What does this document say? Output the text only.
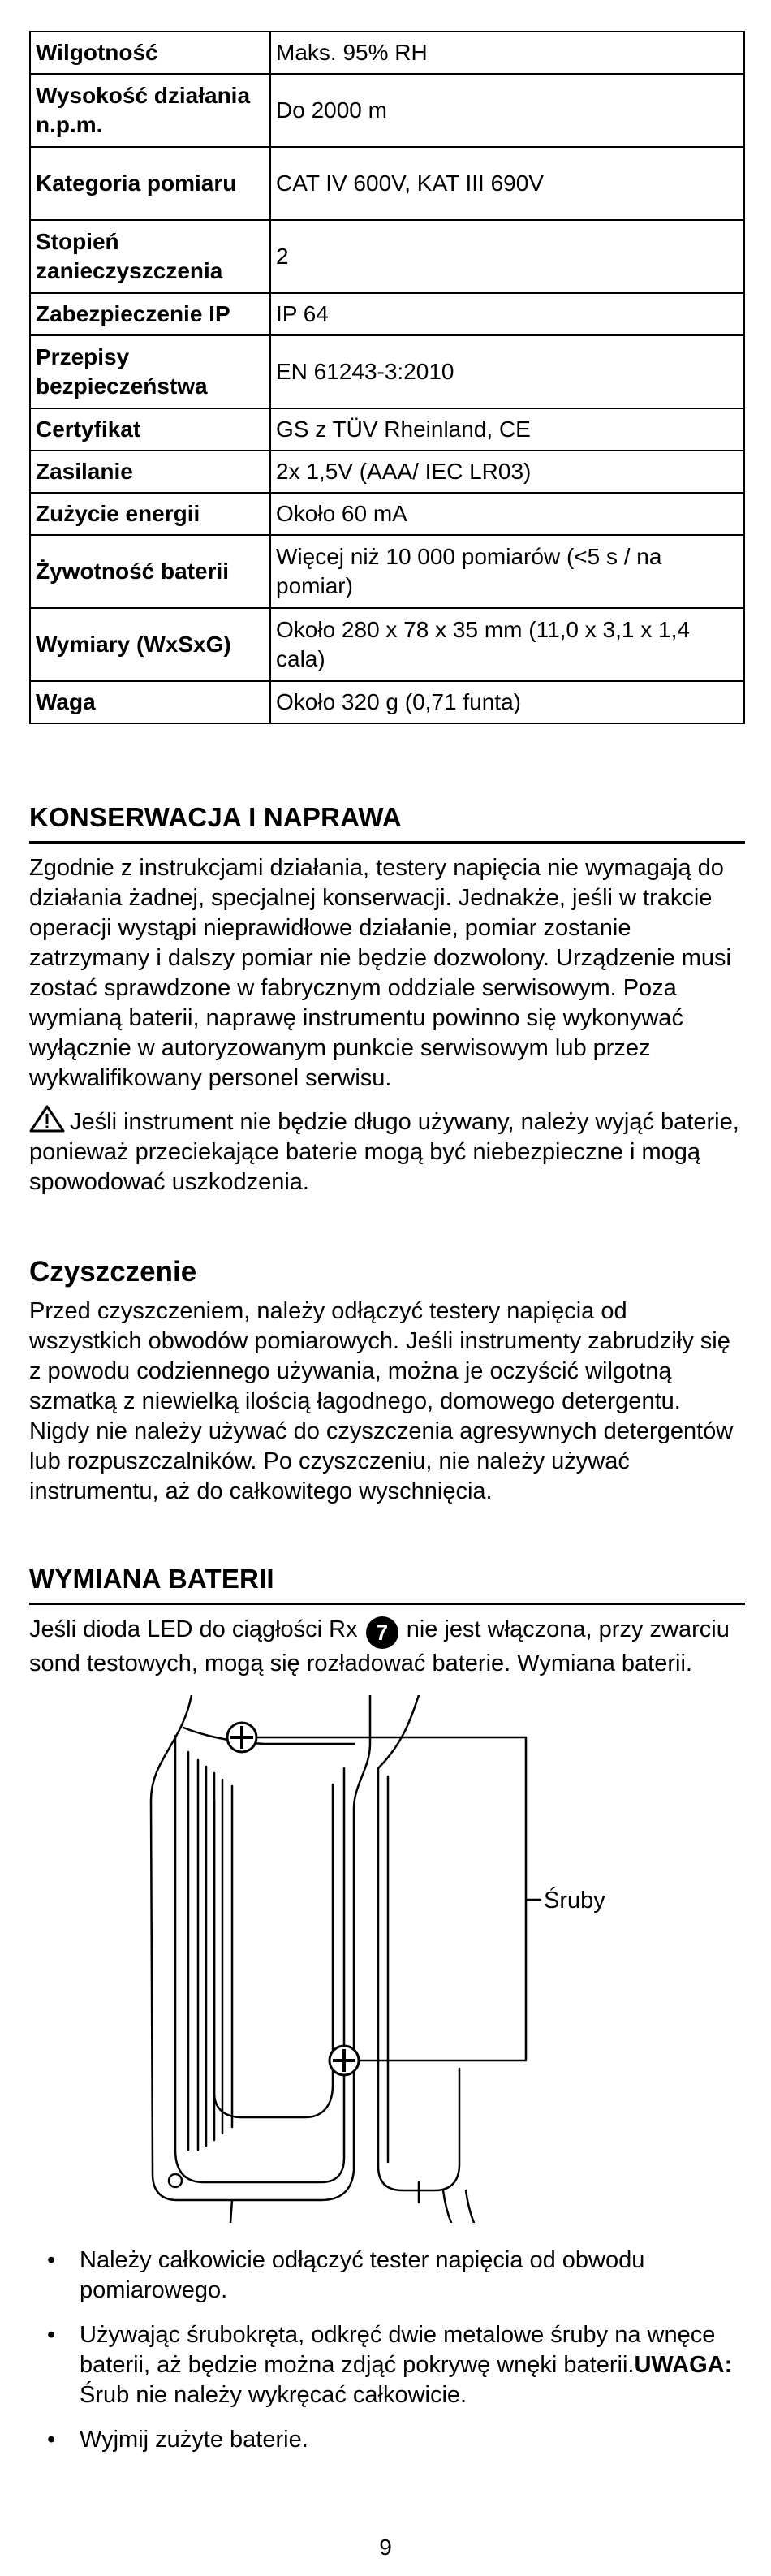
Wilgotność	Maks. 95% RH
Wysokość działania n.p.m.	Do 2000 m
Kategoria pomiaru	CAT IV 600V, KAT III 690V
Stopień zanieczyszczenia	2
Zabezpieczenie IP	IP 64
Przepisy bezpieczeństwa	EN 61243-3:2010
Certyfikat	GS z TÜV Rheinland, CE
Zasilanie	2x 1,5V (AAA/ IEC LR03)
Zużycie energii	Około 60 mA
Żywotność baterii	Więcej niż 10 000 pomiarów (<5 s / na pomiar)
Wymiary (WxSxG)	Około 280 x 78 x 35 mm (11,0 x 3,1 x 1,4 cala)
Waga	Około 320 g (0,71 funta)
KONSERWACJA I NAPRAWA

Zgodnie z instrukcjami działania, testery napięcia nie wymagają do działania żadnej, specjalnej konserwacji. Jednakże, jeśli w trakcie operacji wystąpi nieprawidłowe działanie, pomiar zostanie zatrzymany i dalszy pomiar nie będzie dozwolony. Urządzenie musi zostać sprawdzone w fabrycznym oddziale serwisowym. Poza wymianą baterii, naprawę instrumentu powinno się wykonywać wyłącznie w autoryzowanym punkcie serwisowym lub przez wykwalifikowany personel serwisu.

Jeśli instrument nie będzie długo używany, należy wyjąć baterie, ponieważ przeciekające baterie mogą być niebezpieczne i mogą spowodować uszkodzenia.

Czyszczenie

Przed czyszczeniem, należy odłączyć testery napięcia od wszystkich obwodów pomiarowych. Jeśli instrumenty zabrudziły się z powodu codziennego używania, można je oczyścić wilgotną szmatką z niewielką ilością łagodnego, domowego detergentu. Nigdy nie należy używać do czyszczenia agresywnych detergentów lub rozpuszczalników. Po czyszczeniu, nie należy używać instrumentu, aż do całkowitego wyschnięcia.

WYMIANA BATERII

Jeśli dioda LED do ciągłości Rx 7 nie jest włączona, przy zwarciu sond testowych, mogą się rozładować baterie. Wymiana baterii.

Śruby
• Należy całkowicie odłączyć tester napięcia od obwodu pomiarowego.
• Używając śrubokręta, odkręć dwie metalowe śruby na wnęce baterii, aż będzie można zdjąć pokrywę wnęki baterii.UWAGA: Śrub nie należy wykręcać całkowicie.
• Wyjmij zużyte baterie.
9
